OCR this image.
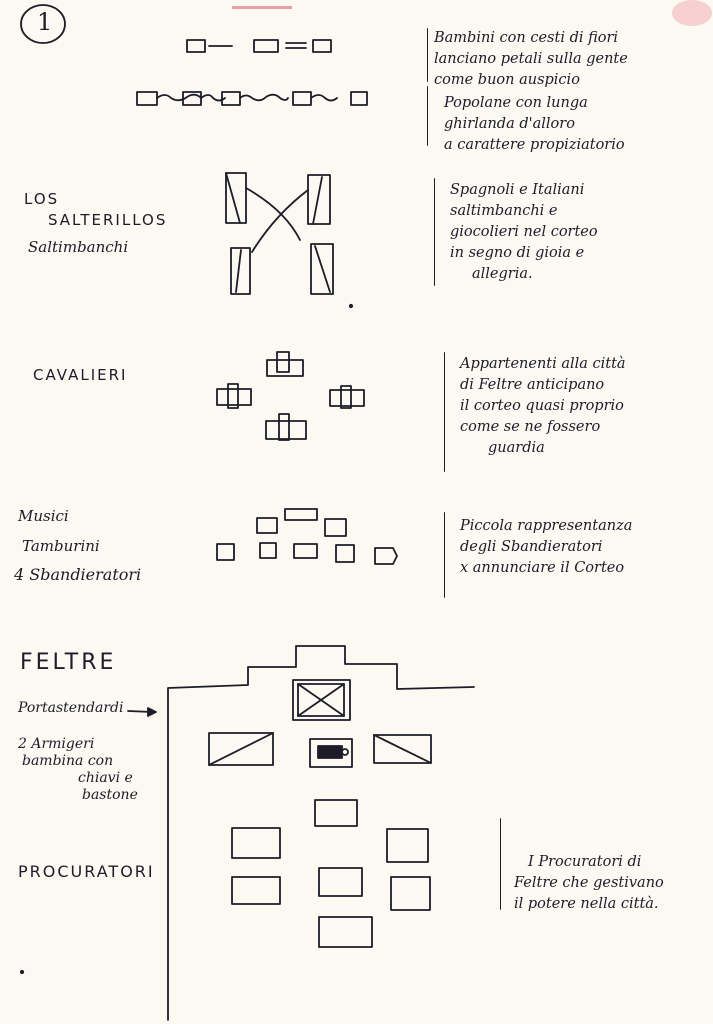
1
Bambini con cesti di fiori
lanciano petali sulla gente
come buon auspicio
Popolane con lunga
ghirlanda d'alloro
a carattere propiziatorio
Spagnoli e Italiani
saltimbanchi e
giocolieri nel corteo
in segno di gioia e
allegria.
Appartenenti alla città
di Feltre anticipano
il corteo quasi proprio
come se ne fossero
guardia
Piccola rappresentanza
degli Sbandieratori
x annunciare il Corteo
I Procuratori di
Feltre che gestivano
il potere nella città.
LOS
SALTERILLOS
Saltimbanchi
CAVALIERI
Musici
Tamburini
4 Sbandieratori
FELTRE
Portastendardi
2 Armigeri
bambina con
chiavi e
bastone
PROCURATORI
